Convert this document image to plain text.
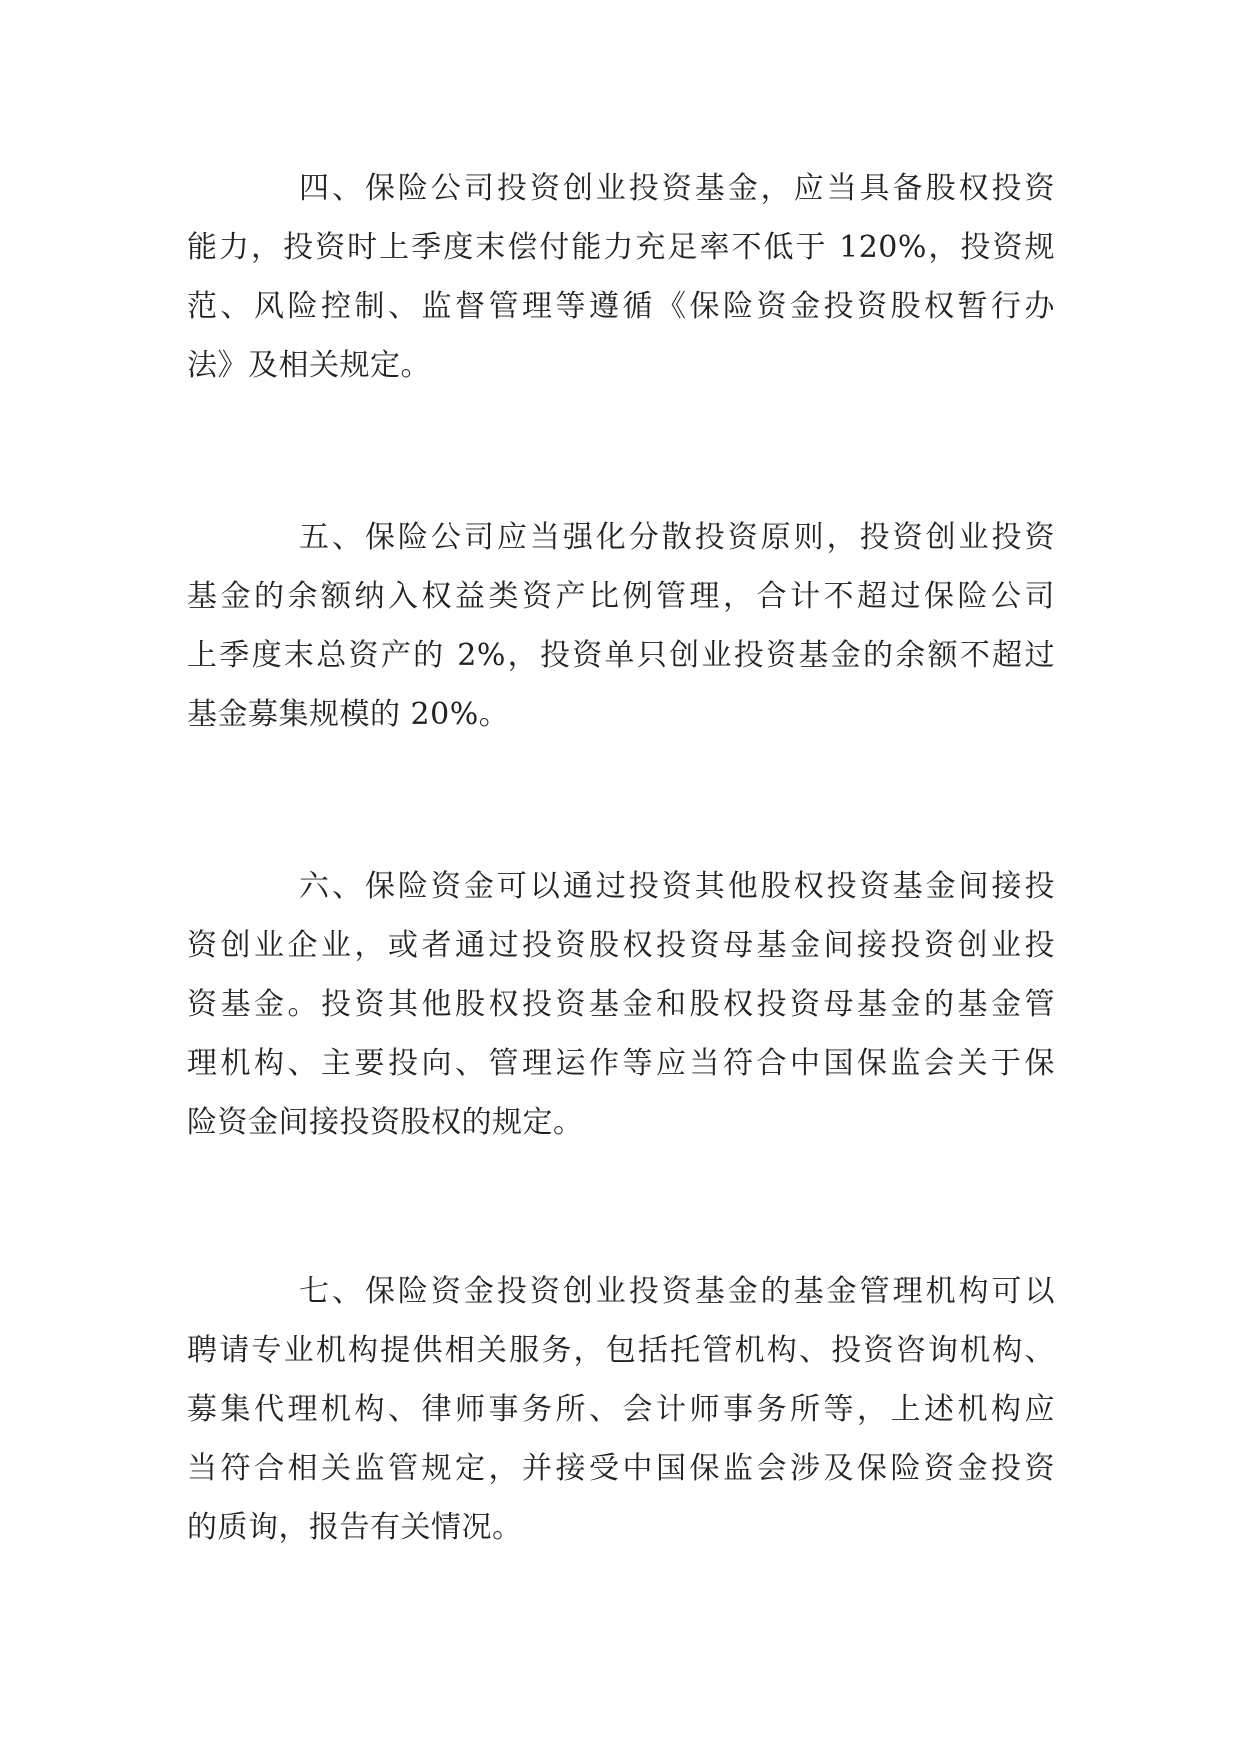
四、保险公司投资创业投资基金，应当具备股权投资
能力，投资时上季度末偿付能力充足率不低于 120%，投资规
范、风险控制、监督管理等遵循《保险资金投资股权暂行办
法》及相关规定。
五、保险公司应当强化分散投资原则，投资创业投资
基金的余额纳入权益类资产比例管理，合计不超过保险公司
上季度末总资产的 2%，投资单只创业投资基金的余额不超过
基金募集规模的 20%。
六、保险资金可以通过投资其他股权投资基金间接投
资创业企业，或者通过投资股权投资母基金间接投资创业投
资基金。投资其他股权投资基金和股权投资母基金的基金管
理机构、主要投向、管理运作等应当符合中国保监会关于保
险资金间接投资股权的规定。
七、保险资金投资创业投资基金的基金管理机构可以
聘请专业机构提供相关服务，包括托管机构、投资咨询机构、
募集代理机构、律师事务所、会计师事务所等，上述机构应
当符合相关监管规定，并接受中国保监会涉及保险资金投资
的质询，报告有关情况。
